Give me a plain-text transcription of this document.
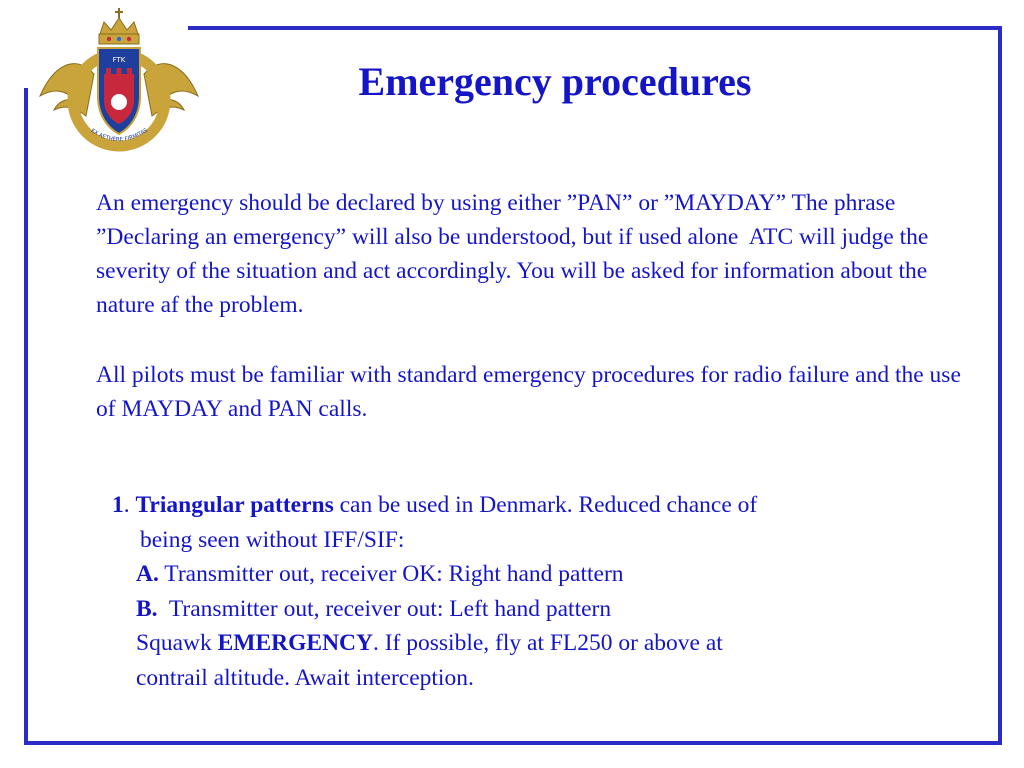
FTK
EX AETHERE FIRMITAS
Emergency procedures

An emergency should be declared by using either ”PAN” or ”MAYDAY” The phrase  ”Declaring an emergency” will also be understood, but if used alone  ATC will judge the severity of the situation and act accordingly. You will be asked for information about the nature af the problem.

All pilots must be familiar with standard emergency procedures for radio failure and the use of MAYDAY and PAN calls.

1. Triangular patterns can be used in Denmark. Reduced chance of
being seen without IFF/SIF:
A. Transmitter out, receiver OK: Right hand pattern
B.  Transmitter out, receiver out: Left hand pattern
Squawk EMERGENCY. If possible, fly at FL250 or above at
contrail altitude. Await interception.
